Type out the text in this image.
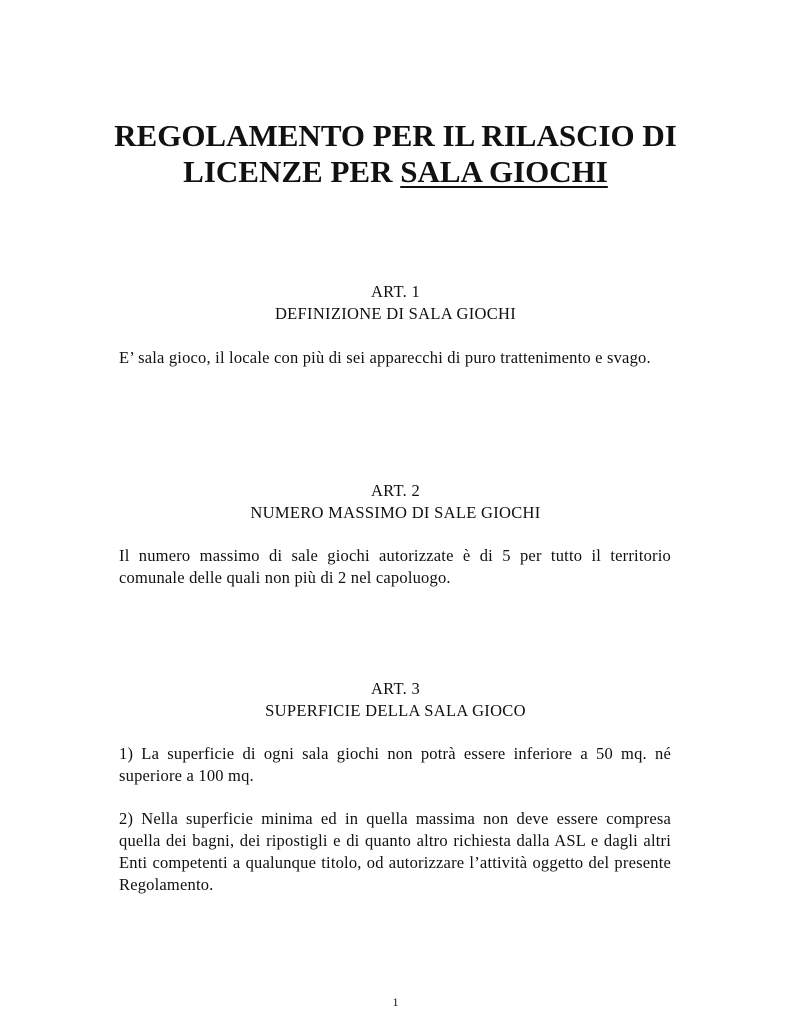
REGOLAMENTO PER IL RILASCIO DI
LICENZE PER SALA GIOCHI
ART. 1
DEFINIZIONE DI SALA GIOCHI

E’ sala gioco, il locale con più di sei apparecchi di puro trattenimento e svago.

ART. 2
NUMERO MASSIMO DI SALE GIOCHI

Il numero massimo di sale giochi autorizzate è di 5 per tutto il territorio comunale delle quali non più di 2 nel capoluogo.

ART. 3
SUPERFICIE DELLA SALA GIOCO

1) La superficie di ogni sala giochi non potrà essere inferiore a 50 mq. né superiore a 100 mq.

2) Nella superficie minima ed in quella massima non deve essere compresa quella dei bagni, dei ripostigli e di quanto altro richiesta dalla ASL e dagli altri Enti competenti a qualunque titolo, od autorizzare l’attività oggetto del presente Regolamento.

1
